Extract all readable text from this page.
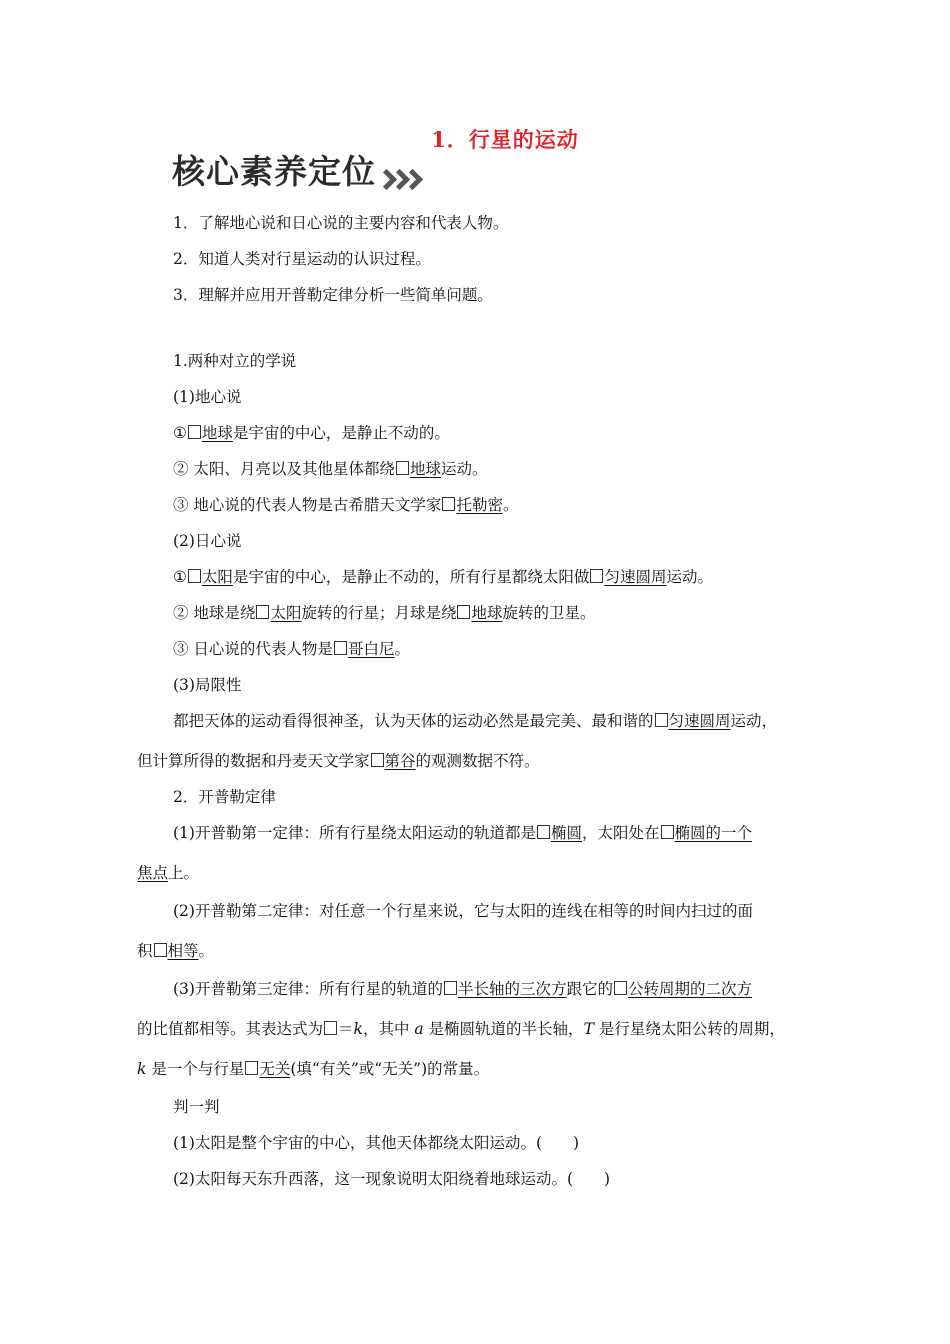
1．行星的运动
核心素养定位
1．了解地心说和日心说的主要内容和代表人物。
2．知道人类对行星运动的认识过程。
3．理解并应用开普勒定律分析一些简单问题。
1.两种对立的学说
(1)地心说
① 地球是宇宙的中心，是静止不动的。
② 太阳、月亮以及其他星体都绕 地球运动。
③ 地心说的代表人物是古希腊天文学家 托勒密。
(2)日心说
① 太阳是宇宙的中心，是静止不动的，所有行星都绕太阳做 匀速圆周运动。
② 地球是绕 太阳旋转的行星；月球是绕 地球旋转的卫星。
③ 日心说的代表人物是 哥白尼。
(3)局限性
都把天体的运动看得很神圣，认为天体的运动必然是最完美、最和谐的 匀速圆周运动，
但计算所得的数据和丹麦天文学家 第谷的观测数据不符。
2．开普勒定律
(1)开普勒第一定律：所有行星绕太阳运动的轨道都是 椭圆，太阳处在 椭圆的一个
焦点上。
(2)开普勒第二定律：对任意一个行星来说，它与太阳的连线在相等的时间内扫过的面
积 相等。
(3)开普勒第三定律：所有行星的轨道的 半长轴的三次方跟它的 公转周期的二次方
的比值都相等。其表达式为 ＝k，其中 a 是椭圆轨道的半长轴，T 是行星绕太阳公转的周期，
k 是一个与行星 无关(填“有关”或“无关”)的常量。
判一判
(1)太阳是整个宇宙的中心，其他天体都绕太阳运动。(　　)
(2)太阳每天东升西落，这一现象说明太阳绕着地球运动。(　　)
